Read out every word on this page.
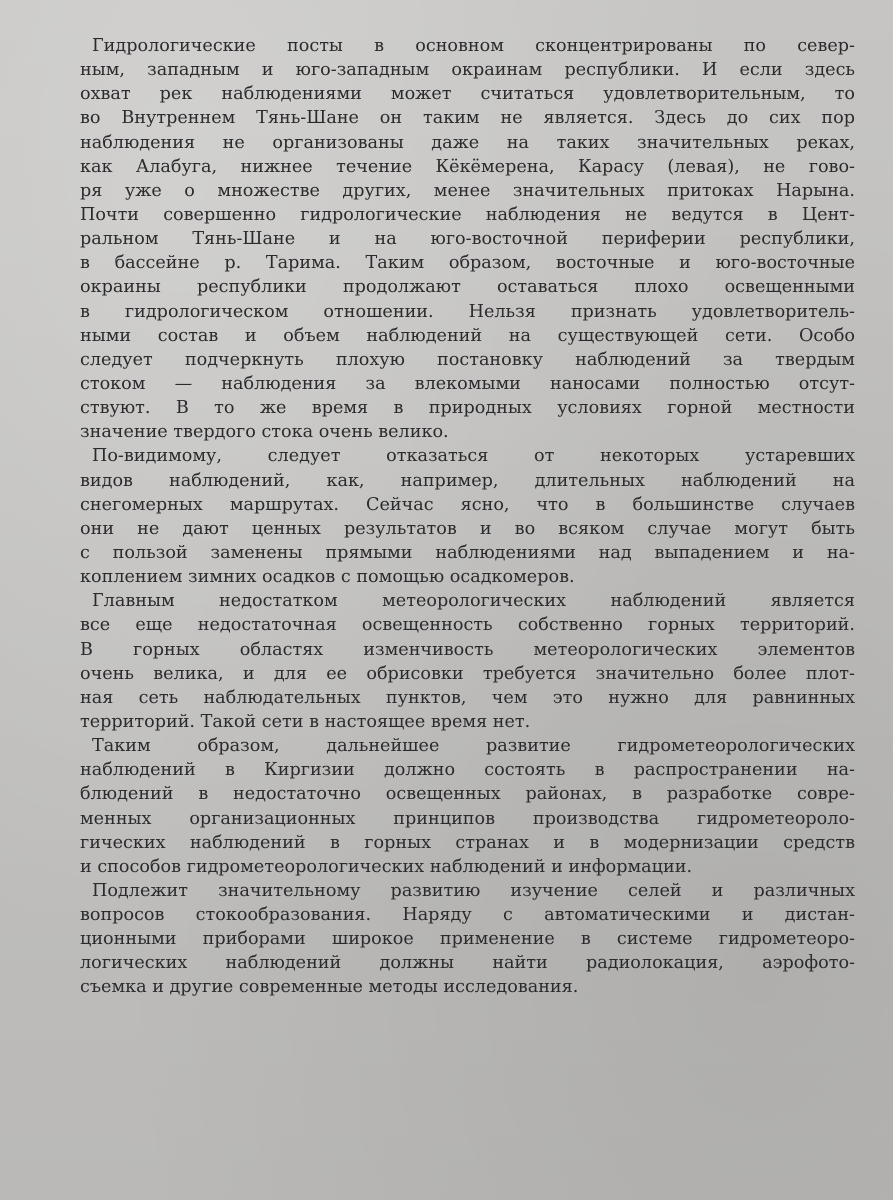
Гидрологические посты в основном сконцентрированы по север-
ным, западным и юго-западным окраинам республики. И если здесь
охват рек наблюдениями может считаться удовлетворительным, то
во Внутреннем Тянь-Шане он таким не является. Здесь до сих пор
наблюдения не организованы даже на таких значительных реках,
как Алабуга, нижнее течение Кёкёмерена, Карасу (левая), не гово-
ря уже о множестве других, менее значительных притоках Нарына.
Почти совершенно гидрологические наблюдения не ведутся в Цент-
ральном Тянь-Шане и на юго-восточной периферии республики,
в бассейне р. Тарима. Таким образом, восточные и юго-восточные
окраины республики продолжают оставаться плохо освещенными
в гидрологическом отношении. Нельзя признать удовлетворитель-
ными состав и объем наблюдений на существующей сети. Особо
следует подчеркнуть плохую постановку наблюдений за твердым
стоком — наблюдения за влекомыми наносами полностью отсут-
ствуют. В то же время в природных условиях горной местности
значение твердого стока очень велико.

По-видимому, следует отказаться от некоторых устаревших
видов наблюдений, как, например, длительных наблюдений на
снегомерных маршрутах. Сейчас ясно, что в большинстве случаев
они не дают ценных результатов и во всяком случае могут быть
с пользой заменены прямыми наблюдениями над выпадением и на-
коплением зимних осадков с помощью осадкомеров.

Главным недостатком метеорологических наблюдений является
все еще недостаточная освещенность собственно горных территорий.
В горных областях изменчивость метеорологических элементов
очень велика, и для ее обрисовки требуется значительно более плот-
ная сеть наблюдательных пунктов, чем это нужно для равнинных
территорий. Такой сети в настоящее время нет.

Таким образом, дальнейшее развитие гидрометеорологических
наблюдений в Киргизии должно состоять в распространении на-
блюдений в недостаточно освещенных районах, в разработке совре-
менных организационных принципов производства гидрометеороло-
гических наблюдений в горных странах и в модернизации средств
и способов гидрометеорологических наблюдений и информации.

Подлежит значительному развитию изучение селей и различных
вопросов стокообразования. Наряду с автоматическими и дистан-
ционными приборами широкое применение в системе гидрометеоро-
логических наблюдений должны найти радиолокация, аэрофото-
съемка и другие современные методы исследования.
